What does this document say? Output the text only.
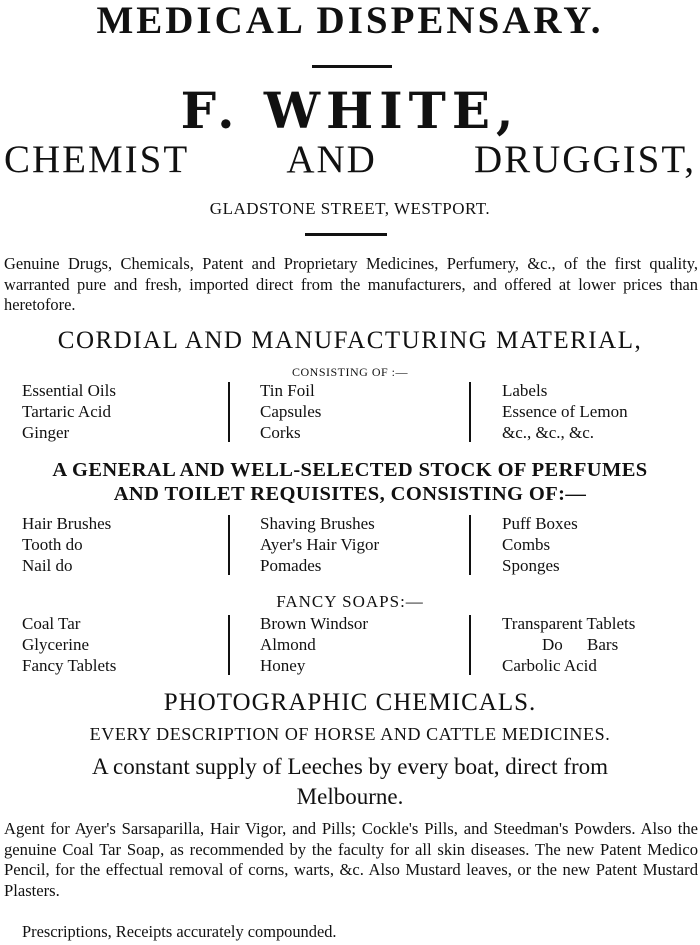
MEDICAL DISPENSARY.
F. WHITE,
CHEMIST AND DRUGGIST,
GLADSTONE STREET, WESTPORT.
Genuine Drugs, Chemicals, Patent and Proprietary Medicines, Perfumery, &c., of the first quality, warranted pure and fresh, imported direct from the manufacturers, and offered at lower prices than heretofore.
CORDIAL AND MANUFACTURING MATERIAL,
CONSISTING OF :—
Essential Oils
Tartaric Acid
Ginger
Tin Foil
Capsules
Corks
Labels
Essence of Lemon
&c., &c., &c.
A GENERAL AND WELL-SELECTED STOCK OF PERFUMES
AND TOILET REQUISITES, CONSISTING OF:—
Hair Brushes
Tooth do
Nail do
Shaving Brushes
Ayer's Hair Vigor
Pomades
Puff Boxes
Combs
Sponges
FANCY SOAPS:—
Coal Tar
Glycerine
Fancy Tablets
Brown Windsor
Almond
Honey
Transparent Tablets
Do Bars
Carbolic Acid
PHOTOGRAPHIC CHEMICALS.
EVERY DESCRIPTION OF HORSE AND CATTLE MEDICINES.
A constant supply of Leeches by every boat, direct from
Melbourne.
Agent for Ayer's Sarsaparilla, Hair Vigor, and Pills; Cockle's Pills, and Steedman's Powders. Also the genuine Coal Tar Soap, as recommended by the faculty for all skin diseases. The new Patent Medico Pencil, for the effectual removal of corns, warts, &c. Also Mustard leaves, or the new Patent Mustard Plasters.
Prescriptions, Receipts accurately compounded.
